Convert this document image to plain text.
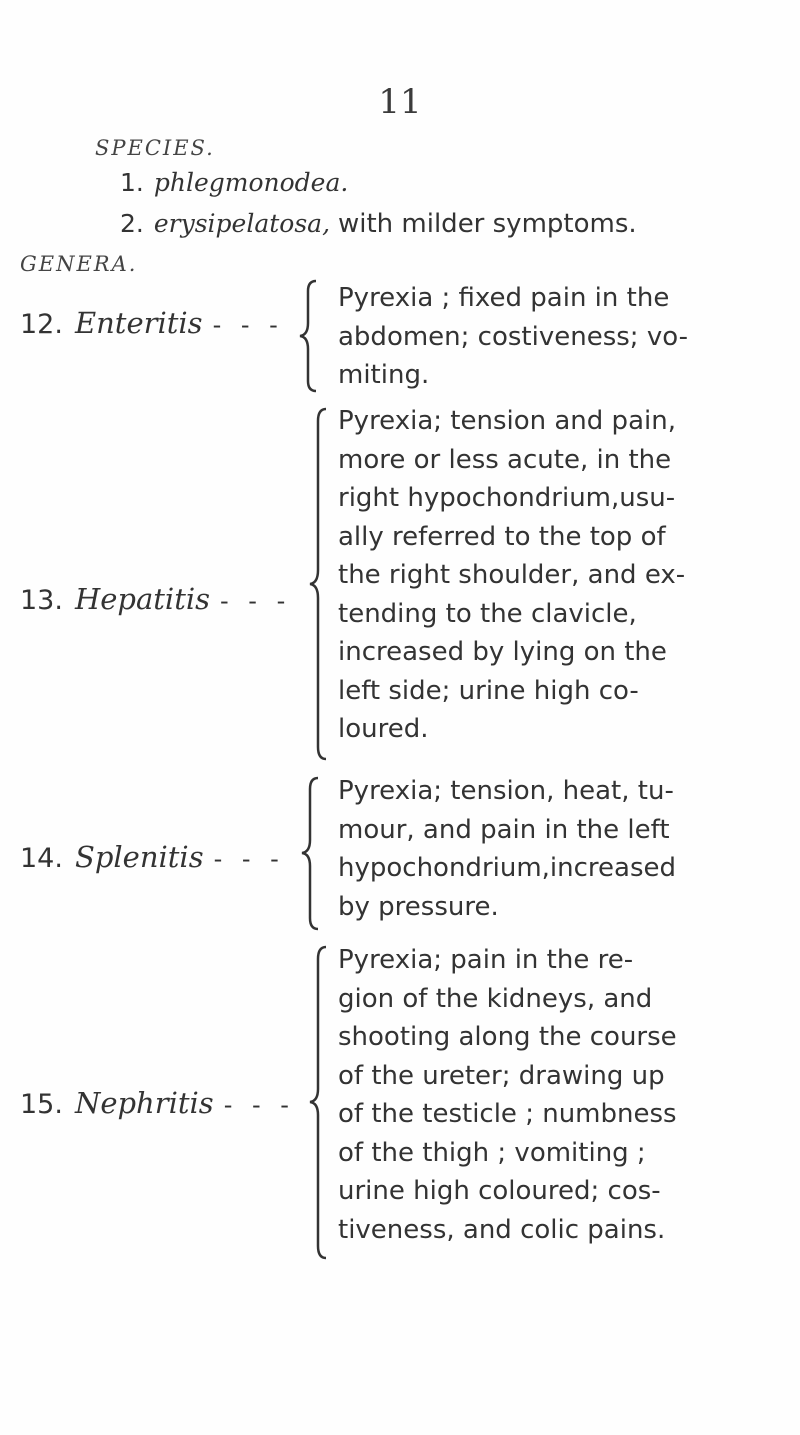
11
SPECIES.
1. phlegmonodea.
2. erysipelatosa, with milder symptoms.
GENERA.
12. Enteritis - - -
Pyrexia ; fixed pain in the
abdomen; costiveness; vo-
miting.
13. Hepatitis - - -
Pyrexia; tension and pain,
more or less acute, in the
right hypochondrium,usu-
ally referred to the top of
the right shoulder, and ex-
tending to the clavicle,
increased by lying on the
left side; urine high co-
loured.
14. Splenitis - - -
Pyrexia; tension, heat, tu-
mour, and pain in the left
hypochondrium,increased
by pressure.
15. Nephritis - - -
Pyrexia; pain in the re-
gion of the kidneys, and
shooting along the course
of the ureter; drawing up
of the testicle ; numbness
of the thigh ; vomiting ;
urine high coloured; cos-
tiveness, and colic pains.
